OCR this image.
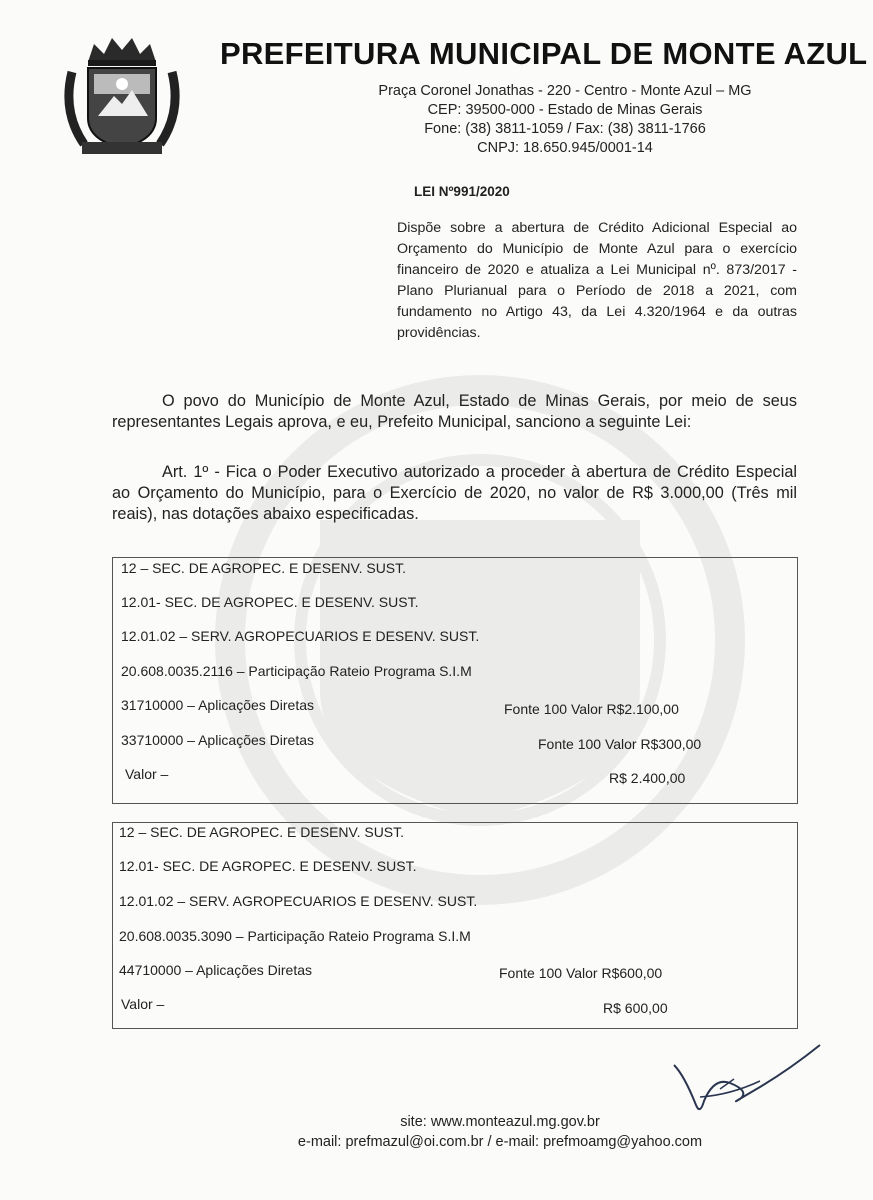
PREFEITURA MUNICIPAL DE MONTE AZUL
Praça Coronel Jonathas - 220 - Centro - Monte Azul – MG
CEP: 39500-000 - Estado de Minas Gerais
Fone: (38) 3811-1059 / Fax: (38) 3811-1766
CNPJ: 18.650.945/0001-14
LEI Nº991/2020
Dispõe sobre a abertura de Crédito Adicional Especial ao Orçamento do Município de Monte Azul para o exercício financeiro de 2020 e atualiza a Lei Municipal nº. 873/2017 - Plano Plurianual para o Período de 2018 a 2021, com fundamento no Artigo 43, da Lei 4.320/1964 e da outras providências.
O povo do Município de Monte Azul, Estado de Minas Gerais, por meio de seus representantes Legais aprova, e eu, Prefeito Municipal, sanciono a seguinte Lei:
Art. 1º - Fica o Poder Executivo autorizado a proceder à abertura de Crédito Especial ao Orçamento do Município, para o Exercício de 2020, no valor de R$ 3.000,00 (Três mil reais), nas dotações abaixo especificadas.
12 – SEC. DE AGROPEC. E DESENV. SUST.
12.01- SEC. DE AGROPEC. E DESENV. SUST.
12.01.02 – SERV. AGROPECUARIOS E DESENV. SUST.
20.608.0035.2116 – Participação Rateio Programa S.I.M
31710000 – Aplicações Diretas	Fonte 100 Valor R$2.100,00
33710000 – Aplicações Diretas	Fonte 100 Valor R$300,00
Valor –	R$ 2.400,00
12 – SEC. DE AGROPEC. E DESENV. SUST.
12.01- SEC. DE AGROPEC. E DESENV. SUST.
12.01.02 – SERV. AGROPECUARIOS E DESENV. SUST.
20.608.0035.3090 – Participação Rateio Programa S.I.M
44710000 – Aplicações Diretas	Fonte 100 Valor R$600,00
Valor –	R$ 600,00
site: www.monteazul.mg.gov.br
e-mail: prefmazul@oi.com.br / e-mail: prefmoamg@yahoo.com
